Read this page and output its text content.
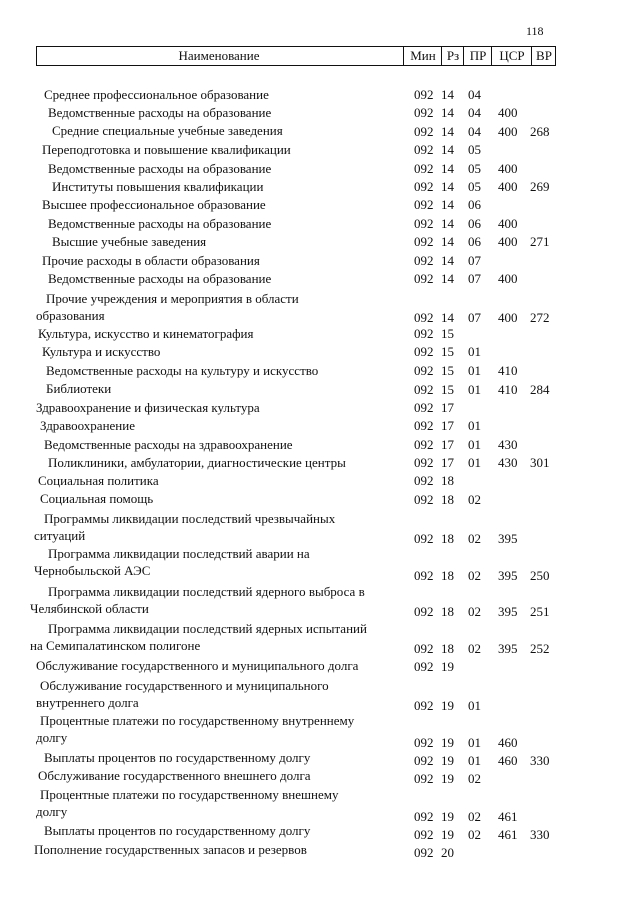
118
Наименование	Мин Рз ПР	ЦСР ВР
Среднее профессиональное образование	092 14 04
Ведомственные расходы на образование	092 14 04 400
Средние специальные учебные заведения	092 14 04 400 268
Переподготовка и повышение квалификации	092 14 05
Ведомственные расходы на образование	092 14 05 400
Институты повышения квалификации	092 14 05 400 269
Высшее профессиональное образование	092 14 06
Ведомственные расходы на образование	092 14 06 400
Высшие учебные заведения	092 14 06 400 271
Прочие расходы в области образования	092 14 07
Ведомственные расходы на образование	092 14 07 400
Прочие учреждения и мероприятия в области
образования	092 14 07 400 272
Культура, искусство и кинематография	092 15
Культура и искусство	092 15 01
Ведомственные расходы на культуру и искусство	092 15 01 410
Библиотеки	092 15 01 410 284
Здравоохранение и физическая культура	092 17
Здравоохранение	092 17 01
Ведомственные расходы на здравоохранение	092 17 01 430
Поликлиники, амбулатории, диагностические центры	092 17 01 430 301
Социальная политика	092 18
Социальная помощь	092 18 02
Программы ликвидации последствий чрезвычайных
ситуаций	092 18 02 395
Программа ликвидации последствий аварии на
Чернобыльской АЭС	092 18 02 395 250
Программа ликвидации последствий ядерного выброса в
Челябинской области	092 18 02 395 251
Программа ликвидации последствий ядерных испытаний
на Семипалатинском полигоне	092 18 02 395 252
Обслуживание государственного и муниципального долга	092 19
Обслуживание государственного и муниципального
внутреннего долга	092 19 01
Процентные платежи по государственному внутреннему
долгу	092 19 01 460
Выплаты процентов по государственному долгу	092 19 01 460 330
Обслуживание государственного внешнего долга	092 19 02
Процентные платежи по государственному внешнему
долгу	092 19 02 461
Выплаты процентов по государственному долгу	092 19 02 461 330
Пополнение государственных запасов и резервов	092 20
